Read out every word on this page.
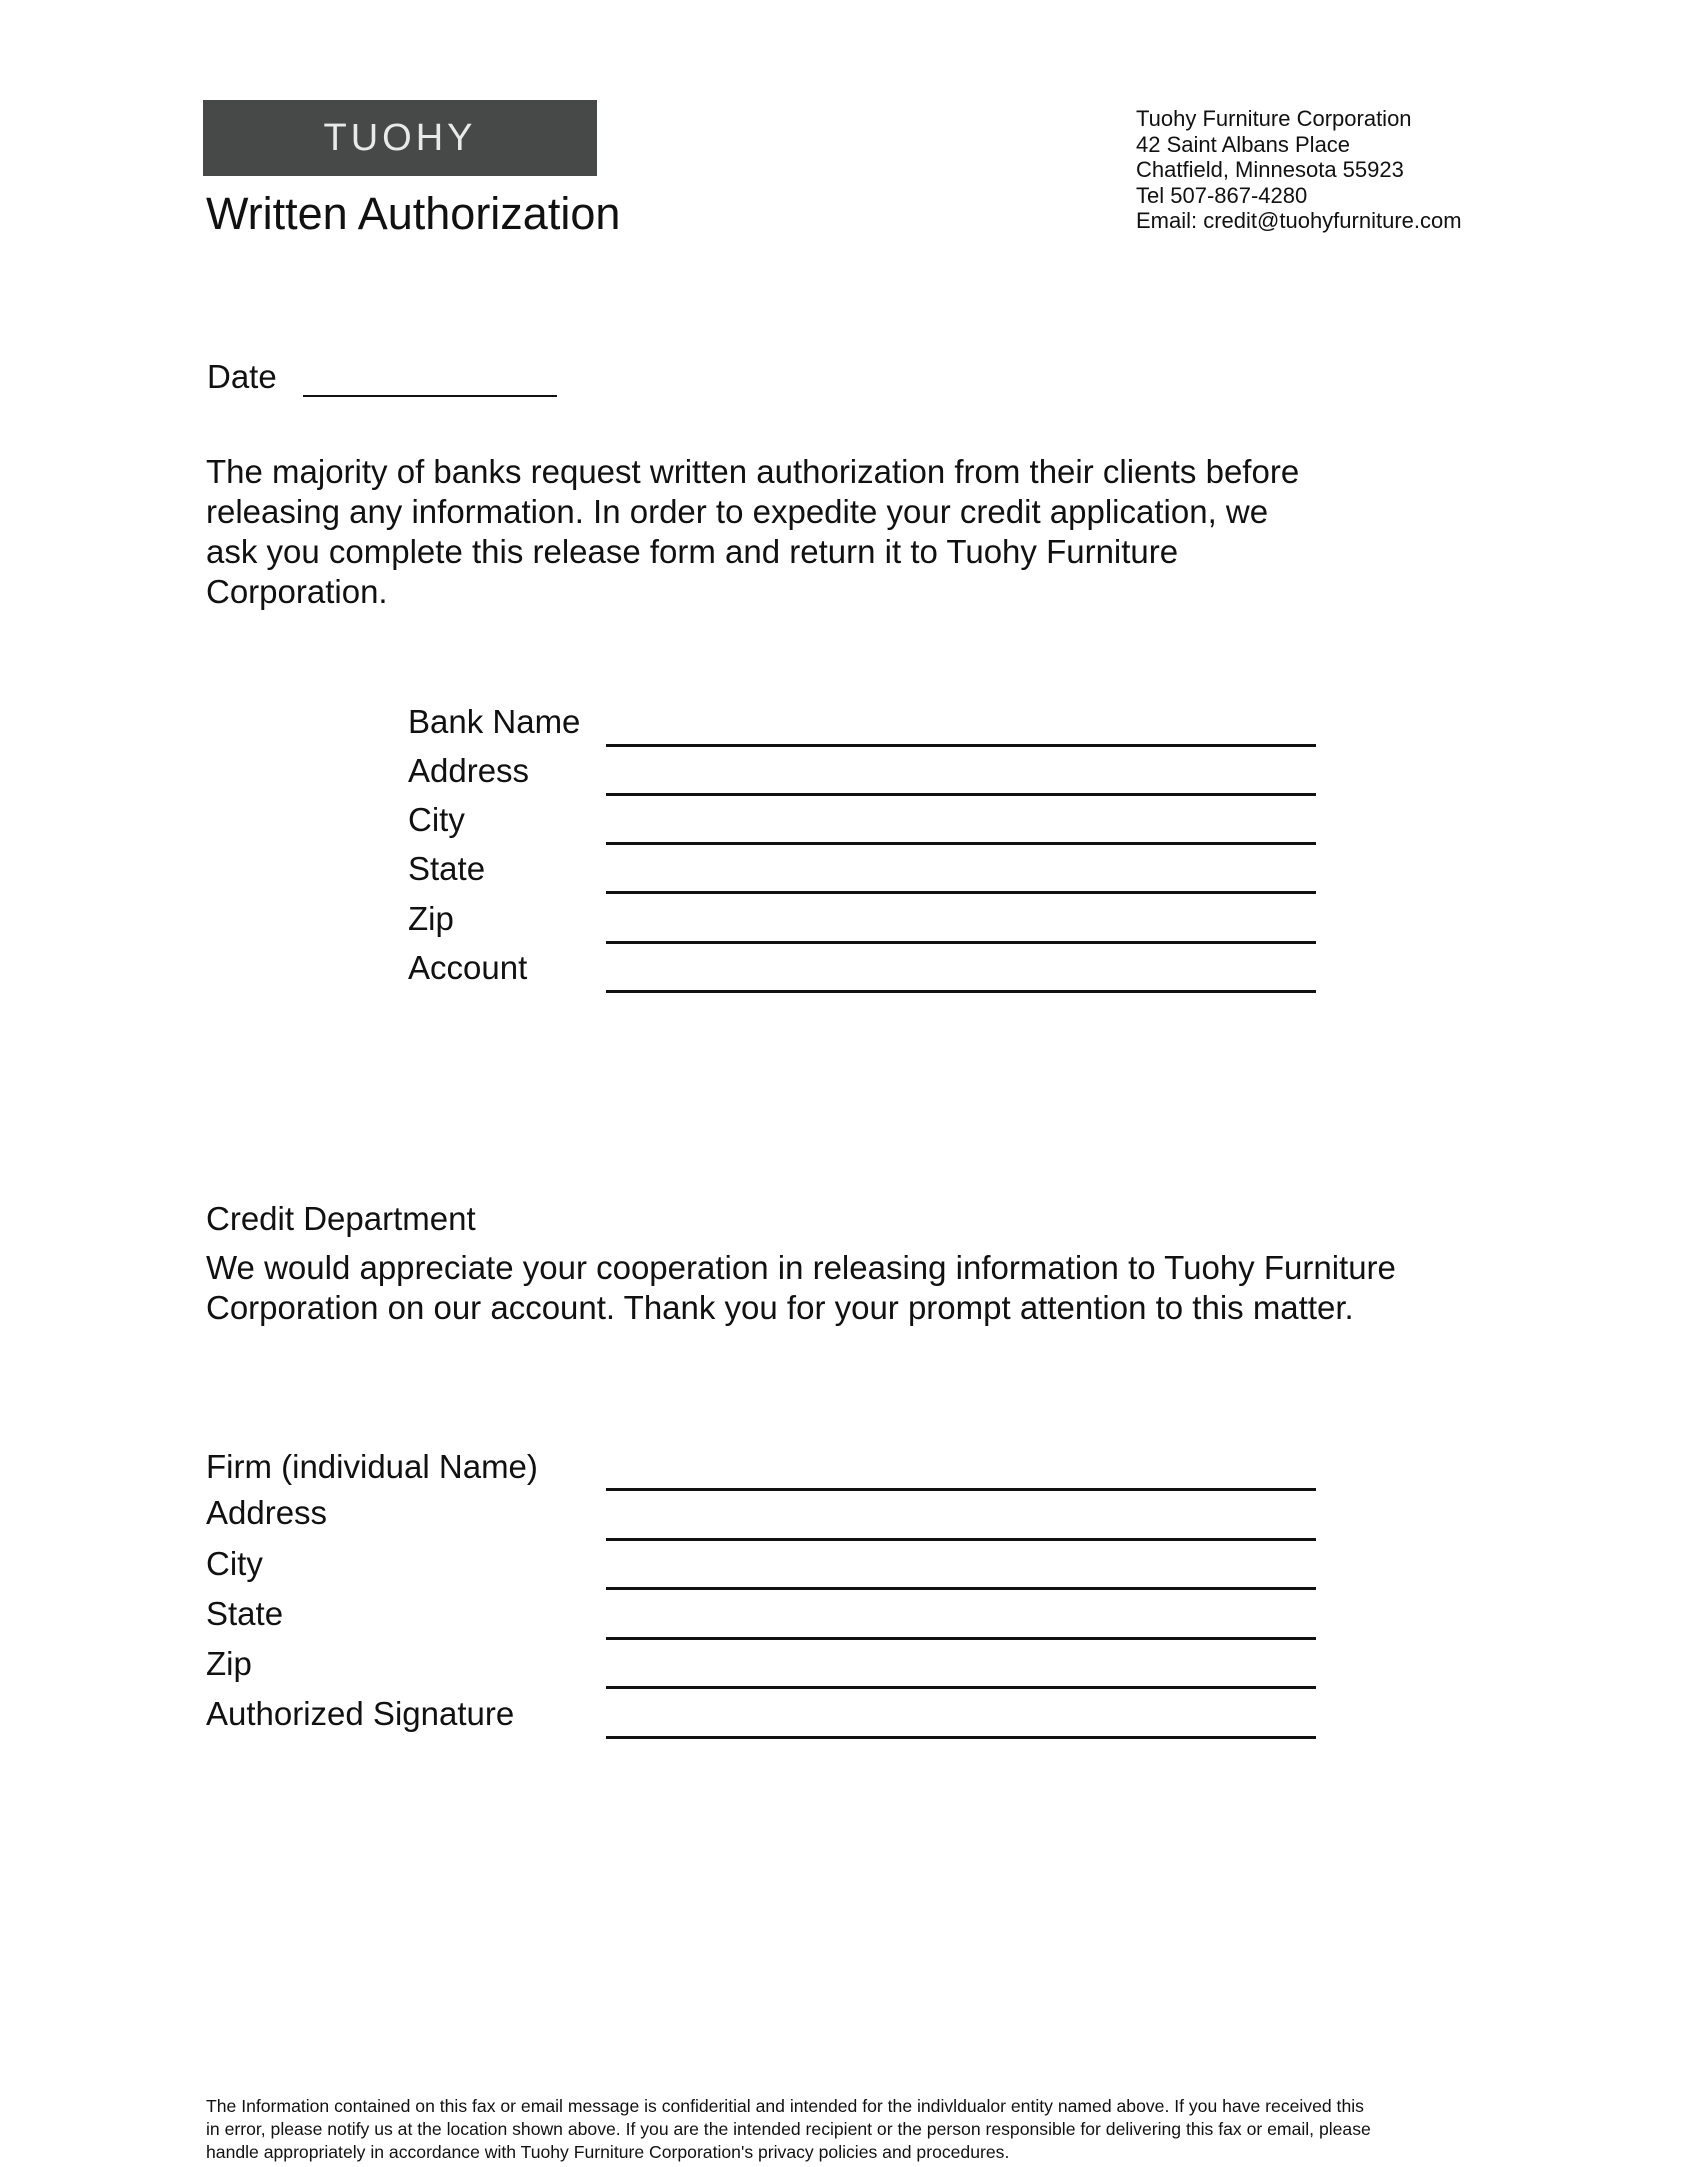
TUOHY
Written Authorization
Tuohy Furniture Corporation
42 Saint Albans Place
Chatfield, Minnesota 55923
Tel 507-867-4280
Email: credit@tuohyfurniture.com
Date
The majority of banks request written authorization from their clients before
releasing any information. In order to expedite your credit application, we
ask you complete this release form and return it to Tuohy Furniture
Corporation.
Bank Name
Address
City
State
Zip
Account
Credit Department
We would appreciate your cooperation in releasing information to Tuohy Furniture
Corporation on our account. Thank you for your prompt attention to this matter.
Firm (individual Name)
Address
City
State
Zip
Authorized Signature
The Information contained on this fax or email message is confideritial and intended for the indivldualor entity named above. If you have received this
in error, please notify us at the location shown above. If you are the intended recipient or the person responsible for delivering this fax or email, please
handle appropriately in accordance with Tuohy Furniture Corporation's privacy policies and procedures.
